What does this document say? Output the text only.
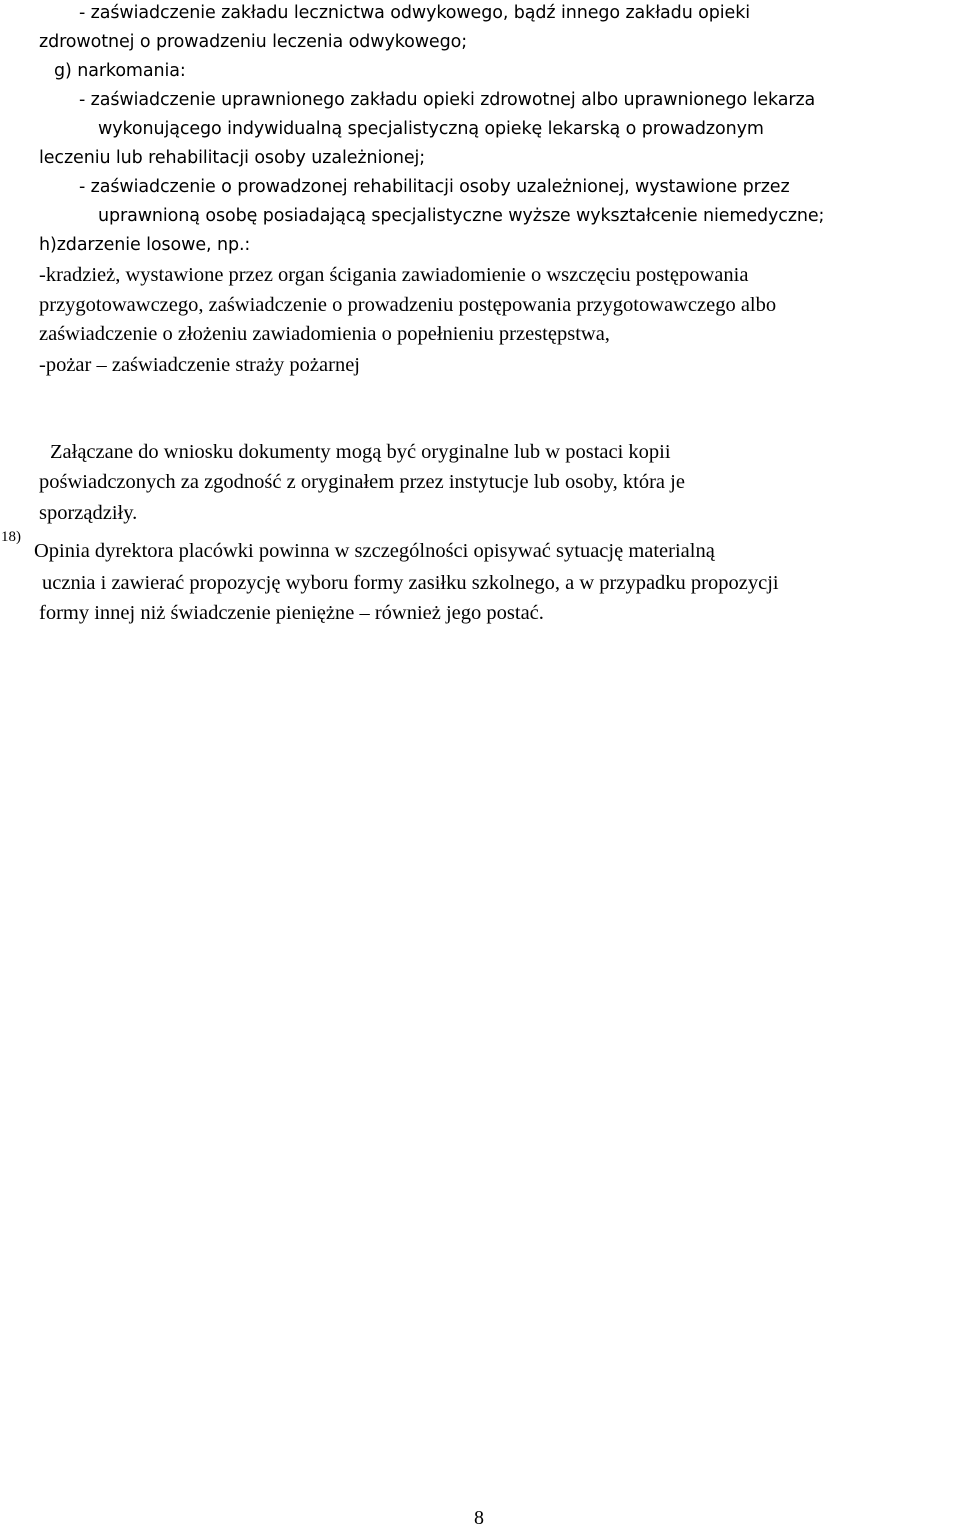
- zaświadczenie zakładu lecznictwa odwykowego, bądź innego zakładu opieki
zdrowotnej o prowadzeniu leczenia odwykowego;
g) narkomania:
- zaświadczenie uprawnionego zakładu opieki zdrowotnej albo uprawnionego lekarza
wykonującego indywidualną specjalistyczną opiekę lekarską o prowadzonym
leczeniu lub rehabilitacji osoby uzależnionej;
- zaświadczenie o prowadzonej rehabilitacji osoby uzależnionej, wystawione przez
uprawnioną osobę posiadającą specjalistyczne wyższe wykształcenie niemedyczne;
h)zdarzenie losowe, np.:
-kradzież, wystawione przez organ ścigania zawiadomienie o wszczęciu postępowania
przygotowawczego, zaświadczenie o prowadzeniu postępowania przygotowawczego albo
zaświadczenie o złożeniu zawiadomienia o popełnieniu przestępstwa,
-pożar – zaświadczenie straży pożarnej
Załączane do wniosku dokumenty mogą być oryginalne lub w postaci kopii
poświadczonych za zgodność z oryginałem przez instytucje lub osoby, która je
sporządziły.
18)
Opinia dyrektora placówki powinna w szczególności opisywać sytuację materialną
ucznia i zawierać propozycję wyboru formy zasiłku szkolnego, a w przypadku propozycji
formy innej niż świadczenie pieniężne – również jego postać.
8
